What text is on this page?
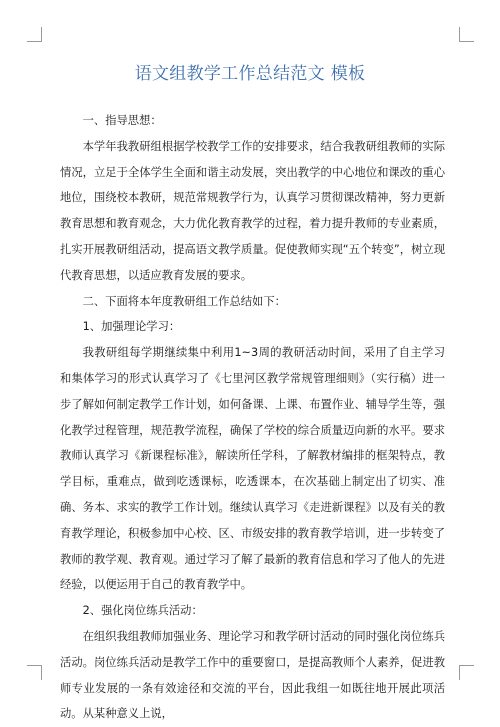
语文组教学工作总结范文 模板

一、指导思想：

本学年我教研组根据学校教学工作的安排要求，结合我教研组教师的实际情况，立足于全体学生全面和谐主动发展，突出教学的中心地位和课改的重心地位，围绕校本教研，规范常规教学行为，认真学习贯彻课改精神，努力更新教育思想和教育观念，大力优化教育教学的过程，着力提升教师的专业素质，扎实开展教研组活动，提高语文教学质量。促使教师实现“五个转变”，树立现代教育思想，以适应教育发展的要求。

二、下面将本年度教研组工作总结如下：

1、加强理论学习：

我教研组每学期继续集中利用1~3周的教研活动时间，采用了自主学习和集体学习的形式认真学习了《七里河区教学常规管理细则》（实行稿）进一步了解如何制定教学工作计划，如何备课、上课、布置作业、辅导学生等，强化教学过程管理，规范教学流程，确保了学校的综合质量迈向新的水平。要求教师认真学习《新课程标准》，解读所任学科，了解教材编排的框架特点，教学目标，重难点，做到吃透课标，吃透课本，在次基础上制定出了切实、准确、务本、求实的教学工作计划。继续认真学习《走进新课程》以及有关的教育教学理论，积极参加中心校、区、市级安排的教育教学培训，进一步转变了教师的教学观、教育观。通过学习了解了最新的教育信息和学习了他人的先进经验，以便运用于自己的教育教学中。

2、强化岗位练兵活动：

在组织我组教师加强业务、理论学习和教学研讨活动的同时强化岗位练兵活动。岗位练兵活动是教学工作中的重要窗口，是提高教师个人素养，促进教师专业发展的一条有效途径和交流的平台，因此我组一如既往地开展此项活动。从某种意义上说，
